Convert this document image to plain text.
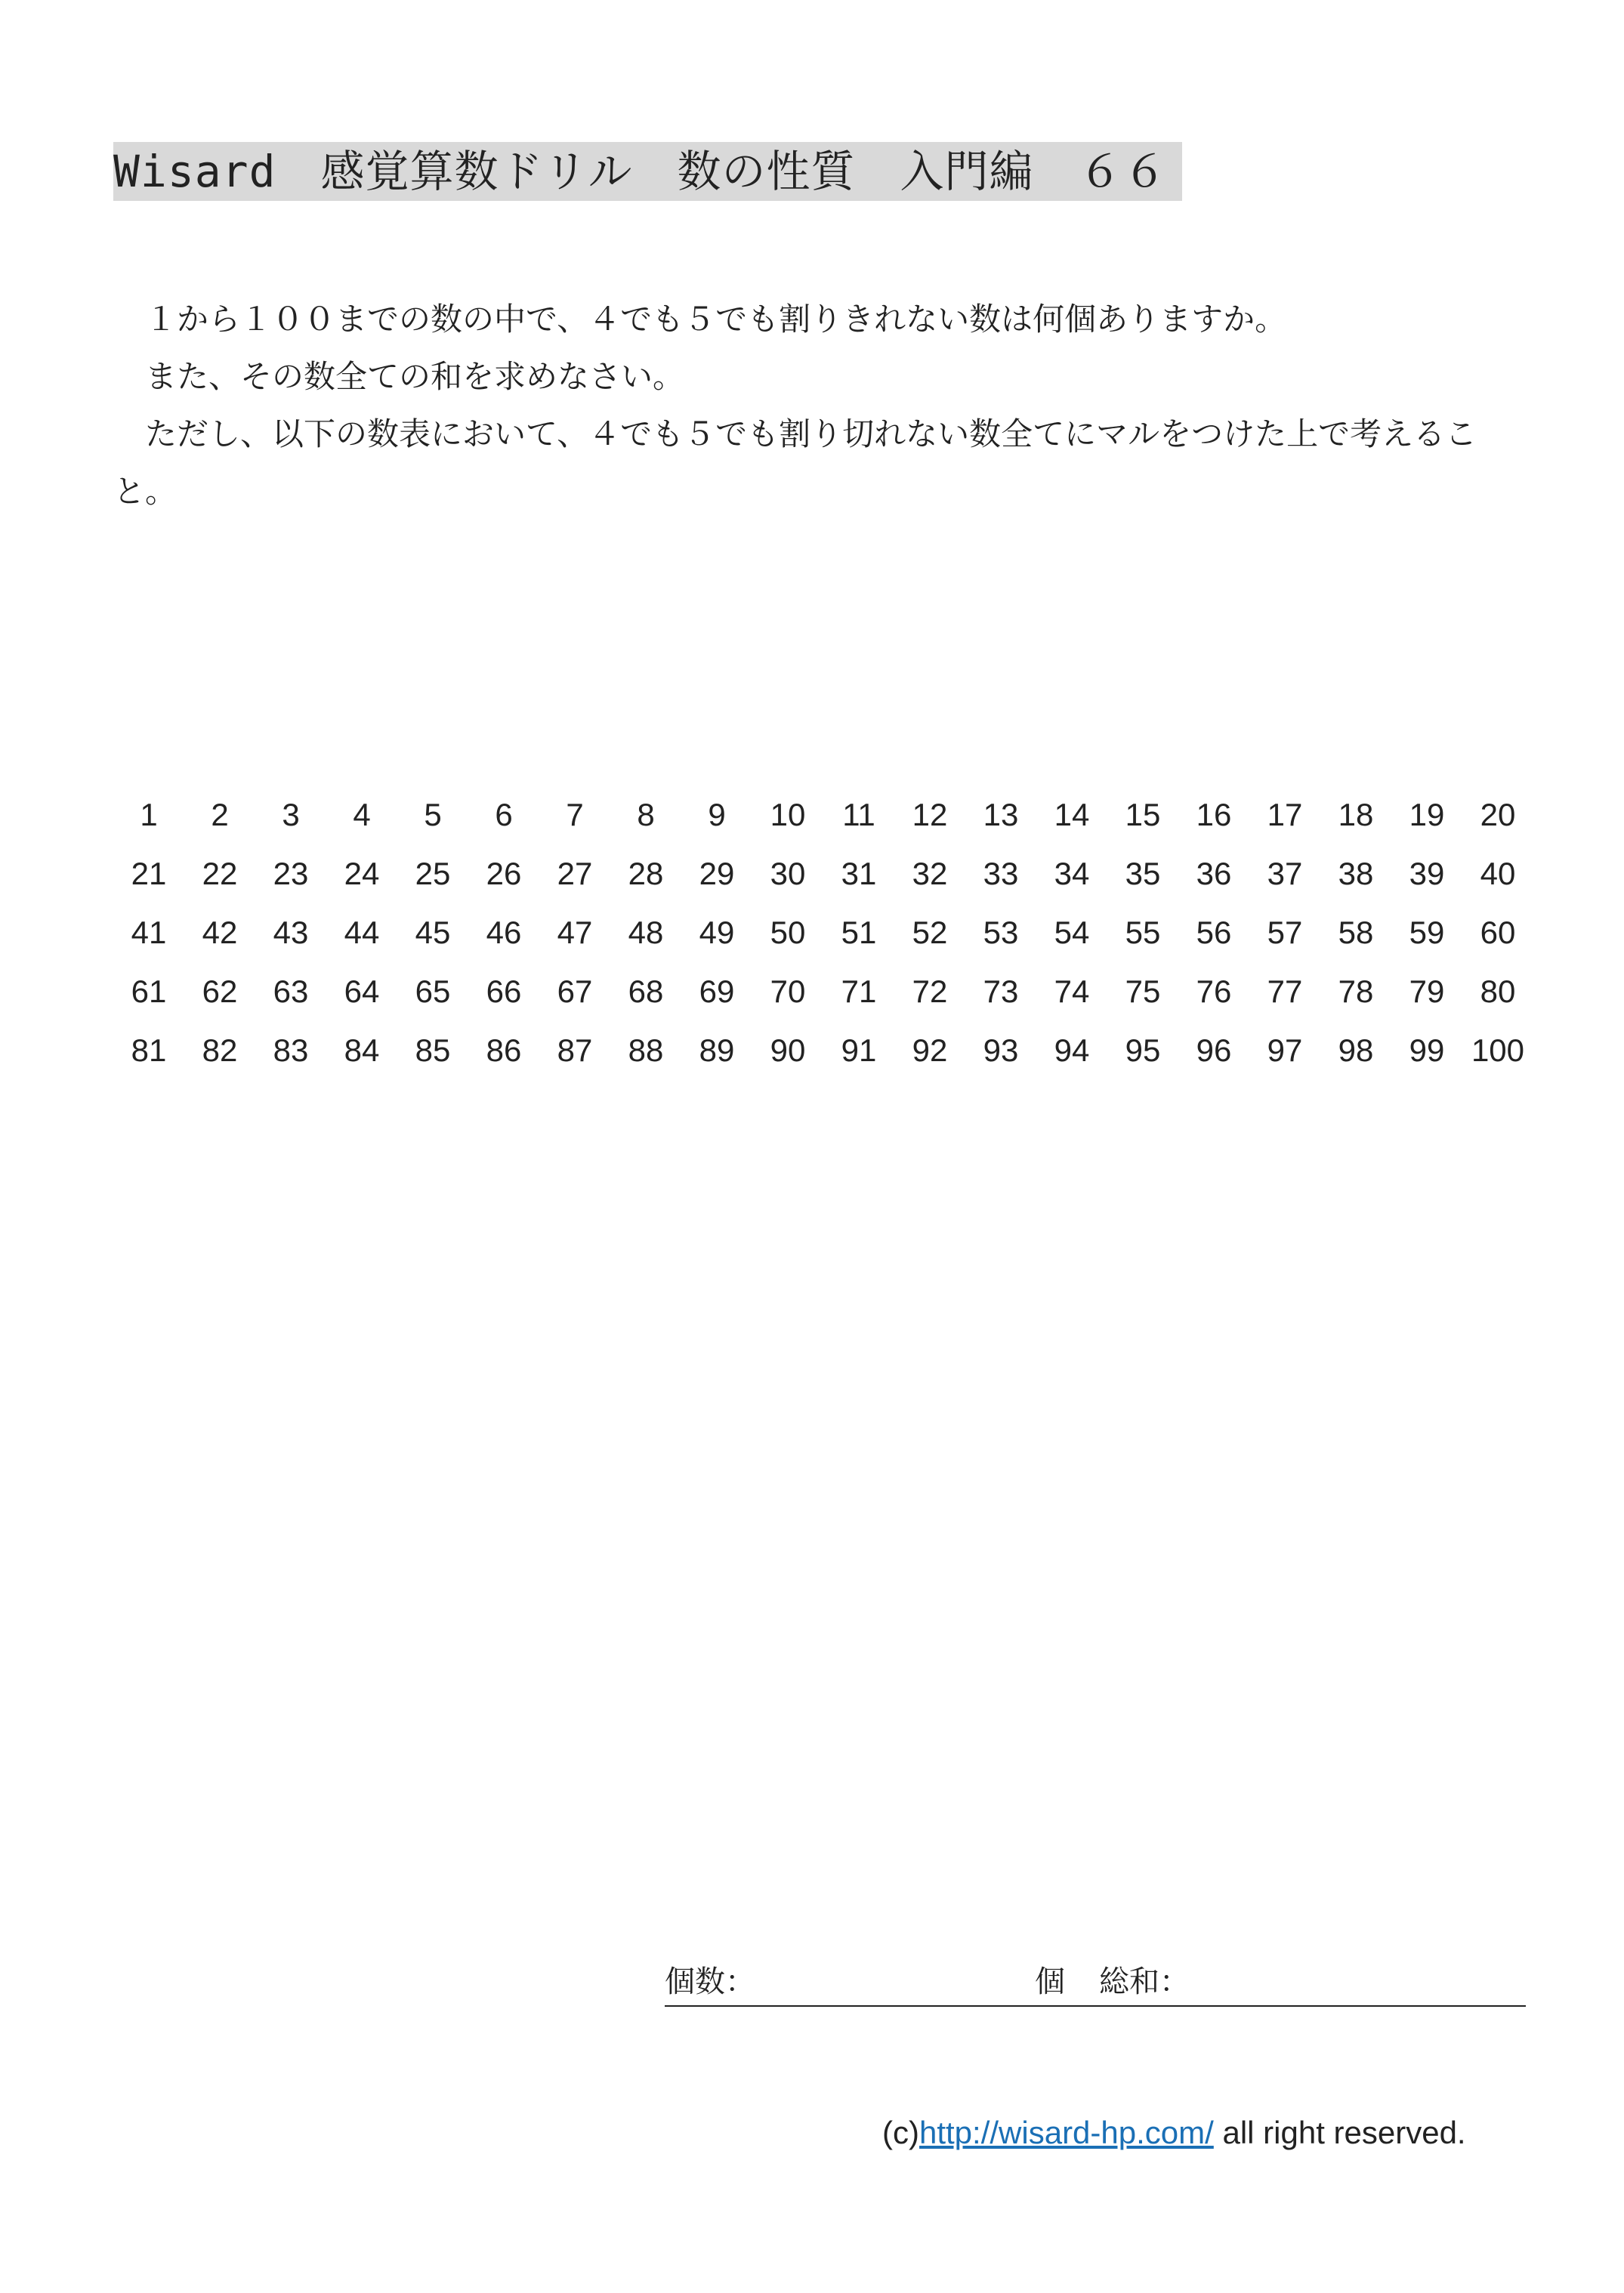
Wisard　感覚算数ドリル　数の性質　入門編　６６

１から１００までの数の中で、４でも５でも割りきれない数は何個ありますか。

また、その数全ての和を求めなさい。

ただし、以下の数表において、４でも５でも割り切れない数全てにマルをつけた上で考えること。

1	2	3	4	5	6	7	8	9	10	11	12	13	14	15	16	17	18	19	20
21	22	23	24	25	26	27	28	29	30	31	32	33	34	35	36	37	38	39	40
41	42	43	44	45	46	47	48	49	50	51	52	53	54	55	56	57	58	59	60
61	62	63	64	65	66	67	68	69	70	71	72	73	74	75	76	77	78	79	80
81	82	83	84	85	86	87	88	89	90	91	92	93	94	95	96	97	98	99 100
個数：	個 総和：
(c)http://wisard-hp.com/ all right reserved.
